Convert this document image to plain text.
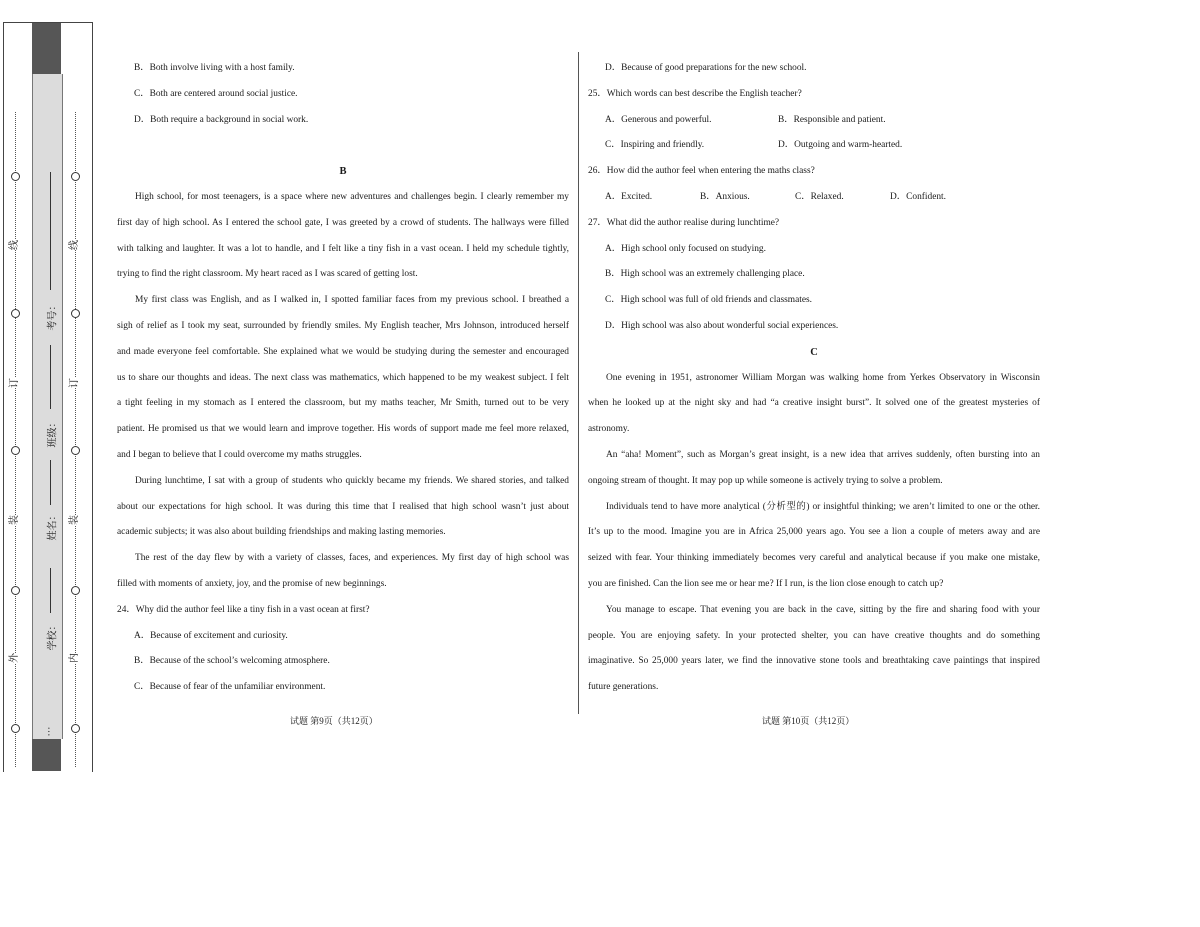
外
装
订
线
内
装
订
线
学校：
姓名：
班级：
考号：
…
B．Both involve living with a host family.
C．Both are centered around social justice.
D．Both require a background in social work.
B
High school, for most teenagers, is a space where new adventures and challenges begin. I clearly remember my
first day of high school. As I entered the school gate, I was greeted by a crowd of students. The hallways were filled
with talking and laughter. It was a lot to handle, and I felt like a tiny fish in a vast ocean. I held my schedule tightly,
trying to find the right classroom. My heart raced as I was scared of getting lost.
My first class was English, and as I walked in, I spotted familiar faces from my previous school. I breathed a
sigh of relief as I took my seat, surrounded by friendly smiles. My English teacher, Mrs Johnson, introduced herself
and made everyone feel comfortable. She explained what we would be studying during the semester and encouraged
us to share our thoughts and ideas. The next class was mathematics, which happened to be my weakest subject. I felt
a tight feeling in my stomach as I entered the classroom, but my maths teacher, Mr Smith, turned out to be very
patient. He promised us that we would learn and improve together. His words of support made me feel more relaxed,
and I began to believe that I could overcome my maths struggles.
During lunchtime, I sat with a group of students who quickly became my friends. We shared stories, and talked
about our expectations for high school. It was during this time that I realised that high school wasn’t just about
academic subjects; it was also about building friendships and making lasting memories.
The rest of the day flew by with a variety of classes, faces, and experiences. My first day of high school was
filled with moments of anxiety, joy, and the promise of new beginnings.
24．Why did the author feel like a tiny fish in a vast ocean at first?
A．Because of excitement and curiosity.
B．Because of the school’s welcoming atmosphere.
C．Because of fear of the unfamiliar environment.
试题 第9页（共12页）
D．Because of good preparations for the new school.
25．Which words can best describe the English teacher?
A．Generous and powerful.	B．Responsible and patient.
C．Inspiring and friendly.	D．Outgoing and warm-hearted.
26．How did the author feel when entering the maths class?
A．Excited.	B．Anxious.	C．Relaxed.	D．Confident.
27．What did the author realise during lunchtime?
A．High school only focused on studying.
B．High school was an extremely challenging place.
C．High school was full of old friends and classmates.
D．High school was also about wonderful social experiences.
C
One evening in 1951, astronomer William Morgan was walking home from Yerkes Observatory in Wisconsin
when he looked up at the night sky and had “a creative insight burst”. It solved one of the greatest mysteries of
astronomy.
An “aha! Moment”, such as Morgan’s great insight, is a new idea that arrives suddenly, often bursting into an
ongoing stream of thought. It may pop up while someone is actively trying to solve a problem.
Individuals tend to have more analytical (分析型的) or insightful thinking; we aren’t limited to one or the other.
It’s up to the mood. Imagine you are in Africa 25,000 years ago. You see a lion a couple of meters away and are
seized with fear. Your thinking immediately becomes very careful and analytical because if you make one mistake,
you are finished. Can the lion see me or hear me? If I run, is the lion close enough to catch up?
You manage to escape. That evening you are back in the cave, sitting by the fire and sharing food with your
people. You are enjoying safety. In your protected shelter, you can have creative thoughts and do something
imaginative. So 25,000 years later, we find the innovative stone tools and breathtaking cave paintings that inspired
future generations.
试题 第10页（共12页）
